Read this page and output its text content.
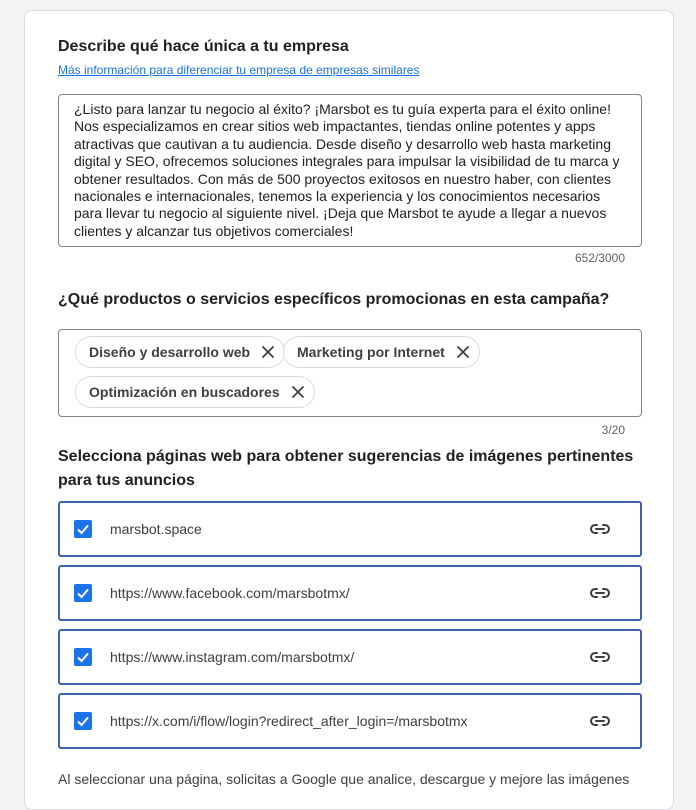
Describe qué hace única a tu empresa
Más información para diferenciar tu empresa de empresas similares
¿Listo para lanzar tu negocio al éxito? ¡Marsbot es tu guía experta para el éxito online! Nos especializamos en crear sitios web impactantes, tiendas online potentes y apps atractivas que cautivan a tu audiencia. Desde diseño y desarrollo web hasta marketing digital y SEO, ofrecemos soluciones integrales para impulsar la visibilidad de tu marca y obtener resultados. Con más de 500 proyectos exitosos en nuestro haber, con clientes nacionales e internacionales, tenemos la experiencia y los conocimientos necesarios para llevar tu negocio al siguiente nivel. ¡Deja que Marsbot te ayude a llegar a nuevos clientes y alcanzar tus objetivos comerciales!
652/3000
¿Qué productos o servicios específicos promocionas en esta campaña?
Diseño y desarrollo web	Marketing por Internet
Optimización en buscadores
3/20
Selecciona páginas web para obtener sugerencias de imágenes pertinentes
para tus anuncios
marsbot.space
https://www.facebook.com/marsbotmx/
https://www.instagram.com/marsbotmx/
https://x.com/i/flow/login?redirect_after_login=/marsbotmx
Al seleccionar una página, solicitas a Google que analice, descargue y mejore las imágenes
